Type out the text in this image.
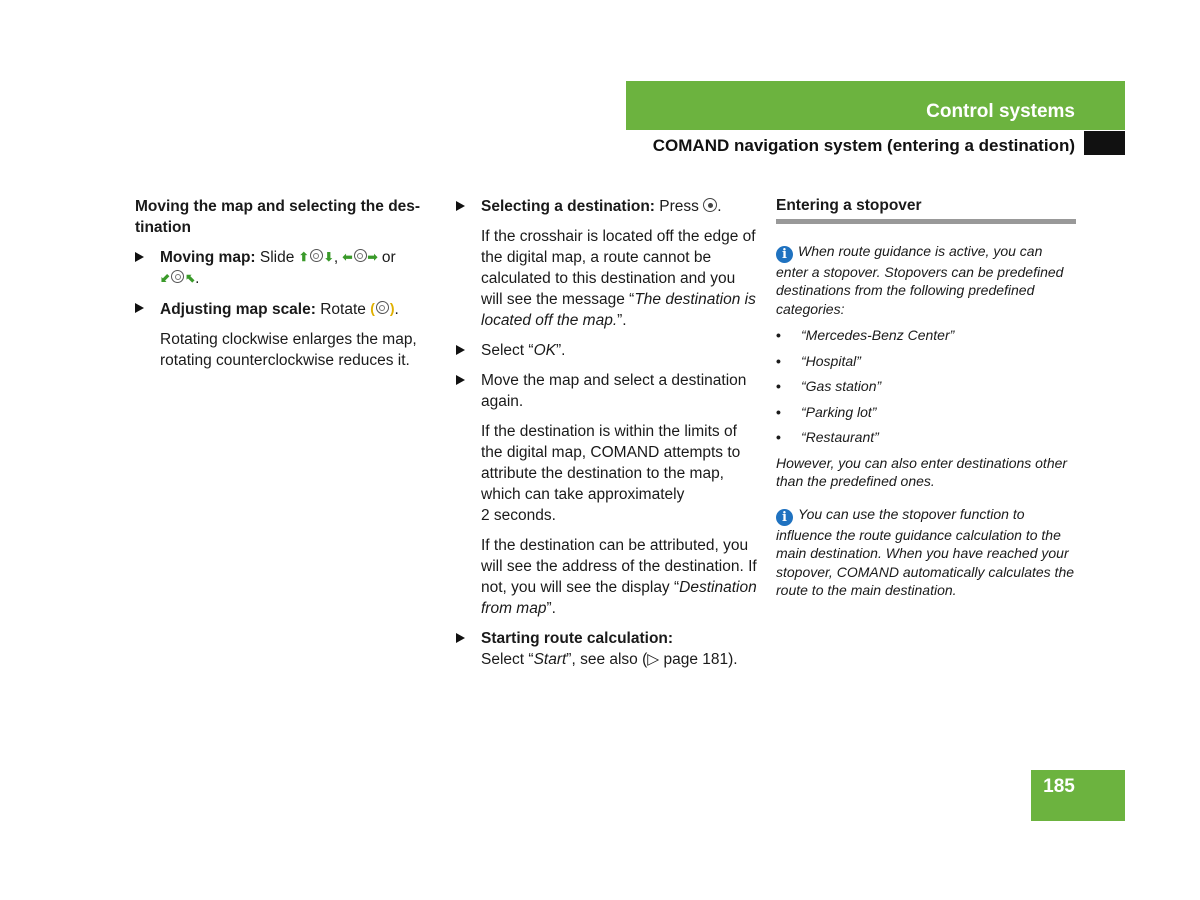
Control systems
COMAND navigation system (entering a destination)
Moving the map and selecting the des-
tination
Moving map: Slide ⬆ ⬇, ⬅ ➡ or
⬋ ⬉.
Adjusting map scale: Rotate ( ).

Rotating clockwise enlarges the map, rotating counterclockwise reduces it.

Selecting a destination: Press .

If the crosshair is located off the edge of the digital map, a route cannot be calculated to this destination and you will see the message “The destination is located off the map.”.

Select “OK”.
Move the map and select a destination again.

If the destination is within the limits of the digital map, COMAND attempts to attribute the destination to the map, which can take approximately
2 seconds.

If the destination can be attributed, you will see the address of the destination. If not, you will see the display “Destination from map”.

Starting route calculation:
Select “Start”, see also (▷ page 181).
Entering a stopover

i When route guidance is active, you can enter a stopover. Stopovers can be predefined destinations from the following predefined categories:

• “Mercedes-Benz Center”
• “Hospital”
• “Gas station”
• “Parking lot”
• “Restaurant”

However, you can also enter destinations other than the predefined ones.

i You can use the stopover function to influence the route guidance calculation to the main destination. When you have reached your stopover, COMAND automatically calculates the route to the main destination.

185
